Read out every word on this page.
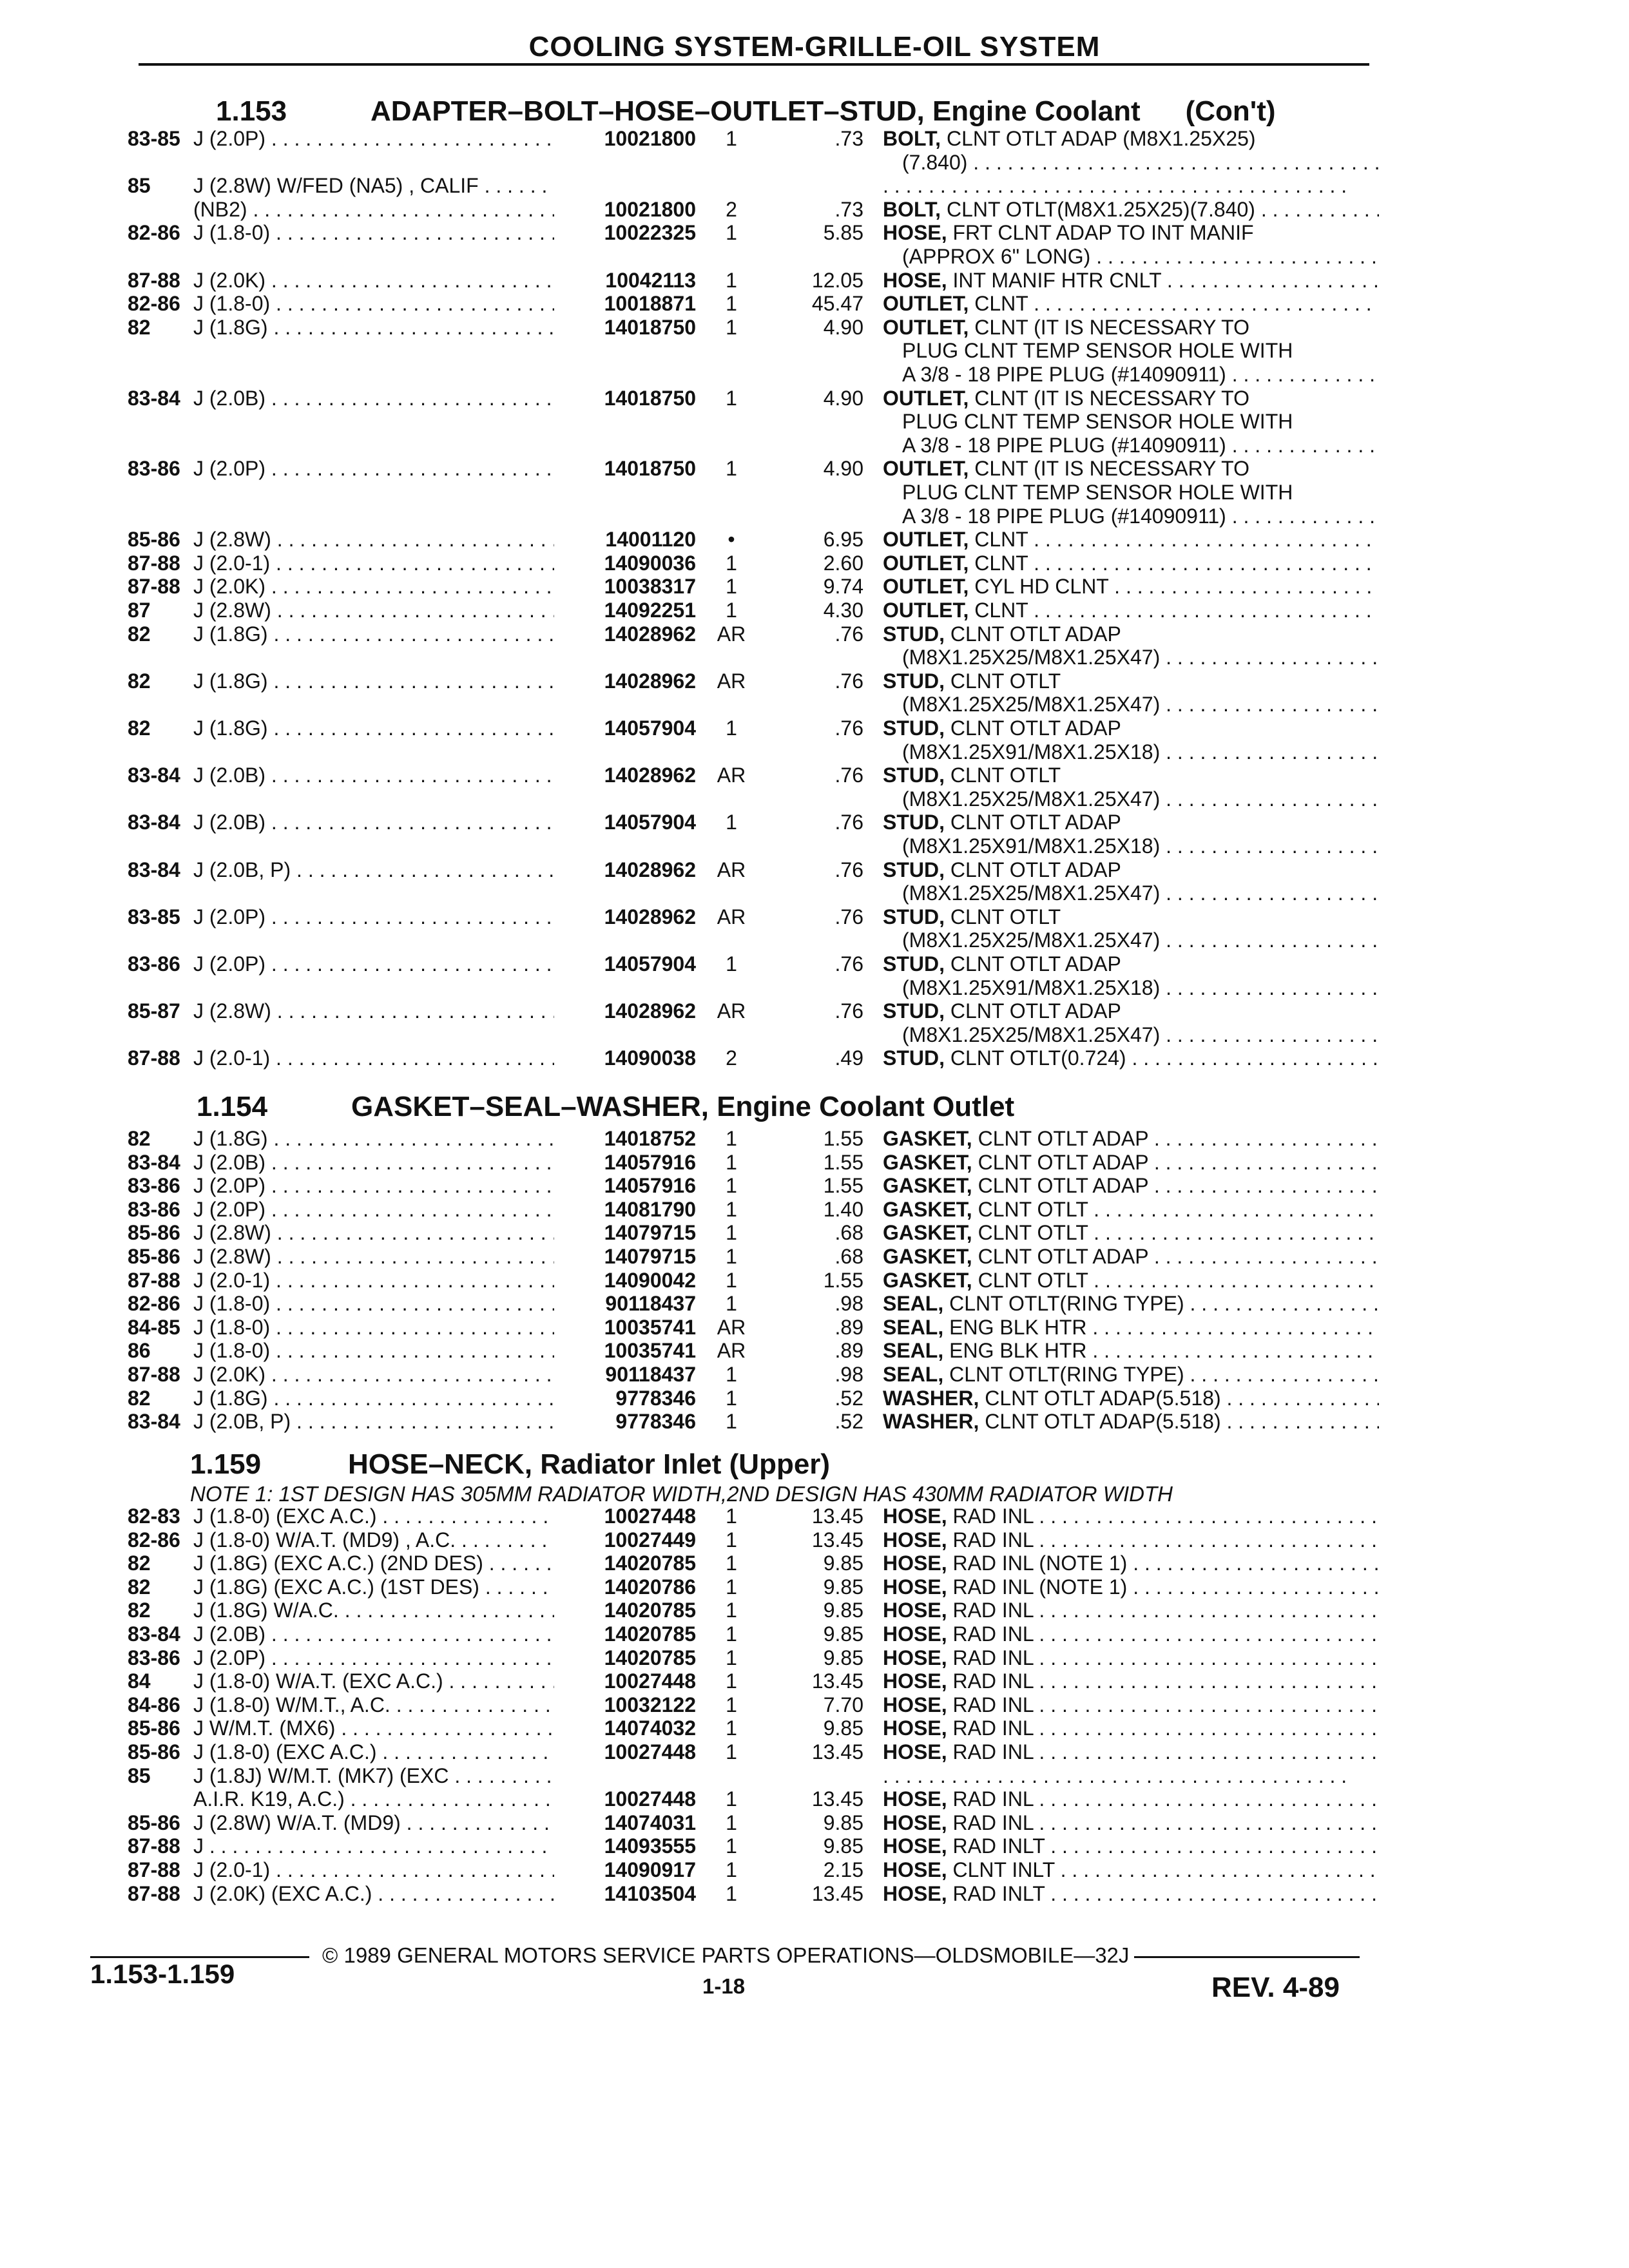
COOLING SYSTEM-GRILLE-OIL SYSTEM
1.153	ADAPTER–BOLT–HOSE–OUTLET–STUD, Engine Coolant (Con't)
83-85 J (2.0P) . . .	10021800	1	.73 BOLT, CLNT OTLT ADAP (M8X1.25X25)
(7.840) . . .
85 J (2.8W) W/FED (NA5) , CALIF . . .
. . .
(NB2) . . .	10021800	2	.73 BOLT, CLNT OTLT(M8X1.25X25)(7.840) . . .
82-86 J (1.8-0) . . .	10022325	1	5.85 HOSE, FRT CLNT ADAP TO INT MANIF
(APPROX 6" LONG) . . .
87-88 J (2.0K) . . .	10042113	1	12.05 HOSE, INT MANIF HTR CNLT . . .
82-86 J (1.8-0) . . .	10018871	1	45.47 OUTLET, CLNT . . .
82 J (1.8G) . . .	14018750	1	4.90 OUTLET, CLNT (IT IS NECESSARY TO
PLUG CLNT TEMP SENSOR HOLE WITH
A 3/8 - 18 PIPE PLUG (#14090911) . . .
83-84 J (2.0B) . . .	14018750	1	4.90 OUTLET, CLNT (IT IS NECESSARY TO
PLUG CLNT TEMP SENSOR HOLE WITH
A 3/8 - 18 PIPE PLUG (#14090911) . . .
83-86 J (2.0P) . . .	14018750	1	4.90 OUTLET, CLNT (IT IS NECESSARY TO
PLUG CLNT TEMP SENSOR HOLE WITH
A 3/8 - 18 PIPE PLUG (#14090911) . . .
85-86 J (2.8W) . . .	14001120	•	6.95 OUTLET, CLNT . . .
87-88 J (2.0-1) . . .	14090036	1	2.60 OUTLET, CLNT . . .
87-88 J (2.0K) . . .	10038317	1	9.74 OUTLET, CYL HD CLNT . . .
87 J (2.8W) . . .	14092251	1	4.30 OUTLET, CLNT . . .
82 J (1.8G) . . .	14028962	AR	.76 STUD, CLNT OTLT ADAP
(M8X1.25X25/M8X1.25X47) . . .
82 J (1.8G) . . .	14028962	AR	.76 STUD, CLNT OTLT
(M8X1.25X25/M8X1.25X47) . . .
82 J (1.8G) . . .	14057904	1	.76 STUD, CLNT OTLT ADAP
(M8X1.25X91/M8X1.25X18) . . .
83-84 J (2.0B) . . .	14028962	AR	.76 STUD, CLNT OTLT
(M8X1.25X25/M8X1.25X47) . . .
83-84 J (2.0B) . . .	14057904	1	.76 STUD, CLNT OTLT ADAP
(M8X1.25X91/M8X1.25X18) . . .
83-84 J (2.0B, P) . . .	14028962	AR	.76 STUD, CLNT OTLT ADAP
(M8X1.25X25/M8X1.25X47) . . .
83-85 J (2.0P) . . .	14028962	AR	.76 STUD, CLNT OTLT
(M8X1.25X25/M8X1.25X47) . . .
83-86 J (2.0P) . . .	14057904	1	.76 STUD, CLNT OTLT ADAP
(M8X1.25X91/M8X1.25X18) . . .
85-87 J (2.8W) . . .	14028962	AR	.76 STUD, CLNT OTLT ADAP
(M8X1.25X25/M8X1.25X47) . . .
87-88 J (2.0-1) . . .	14090038	2	.49 STUD, CLNT OTLT(0.724) . . .
1.154	GASKET–SEAL–WASHER, Engine Coolant Outlet
82 J (1.8G) . . .	14018752	1	1.55 GASKET, CLNT OTLT ADAP . . .
83-84 J (2.0B) . . .	14057916	1	1.55 GASKET, CLNT OTLT ADAP . . .
83-86 J (2.0P) . . .	14057916	1	1.55 GASKET, CLNT OTLT ADAP . . .
83-86 J (2.0P) . . .	14081790	1	1.40 GASKET, CLNT OTLT . . .
85-86 J (2.8W) . . .	14079715	1	.68 GASKET, CLNT OTLT . . .
85-86 J (2.8W) . . .	14079715	1	.68 GASKET, CLNT OTLT ADAP . . .
87-88 J (2.0-1) . . .	14090042	1	1.55 GASKET, CLNT OTLT . . .
82-86 J (1.8-0) . . .	90118437	1	.98 SEAL, CLNT OTLT(RING TYPE) . . .
84-85 J (1.8-0) . . .	10035741	AR	.89 SEAL, ENG BLK HTR . . .
86 J (1.8-0) . . .	10035741	AR	.89 SEAL, ENG BLK HTR . . .
87-88 J (2.0K) . . .	90118437	1	.98 SEAL, CLNT OTLT(RING TYPE) . . .
82 J (1.8G) . . .	9778346	1	.52 WASHER, CLNT OTLT ADAP(5.518) . . .
83-84 J (2.0B, P) . . .	9778346	1	.52 WASHER, CLNT OTLT ADAP(5.518) . . .
1.159	HOSE–NECK, Radiator Inlet (Upper)
NOTE 1: 1ST DESIGN HAS 305MM RADIATOR WIDTH,2ND DESIGN HAS 430MM RADIATOR WIDTH
82-83 J (1.8-0) (EXC A.C.) . . .	10027448	1	13.45 HOSE, RAD INL . . .
82-86 J (1.8-0) W/A.T. (MD9) , A.C. . . .	10027449	1	13.45 HOSE, RAD INL . . .
82 J (1.8G) (EXC A.C.) (2ND DES) . . .	14020785	1	9.85 HOSE, RAD INL (NOTE 1) . . .
82 J (1.8G) (EXC A.C.) (1ST DES) . . .	14020786	1	9.85 HOSE, RAD INL (NOTE 1) . . .
82 J (1.8G) W/A.C. . . .	14020785	1	9.85 HOSE, RAD INL . . .
83-84 J (2.0B) . . .	14020785	1	9.85 HOSE, RAD INL . . .
83-86 J (2.0P) . . .	14020785	1	9.85 HOSE, RAD INL . . .
84 J (1.8-0) W/A.T. (EXC A.C.) . . .	10027448	1	13.45 HOSE, RAD INL . . .
84-86 J (1.8-0) W/M.T., A.C. . . .	10032122	1	7.70 HOSE, RAD INL . . .
85-86 J W/M.T. (MX6) . . .	14074032	1	9.85 HOSE, RAD INL . . .
85-86 J (1.8-0) (EXC A.C.) . . .	10027448	1	13.45 HOSE, RAD INL . . .
85 J (1.8J) W/M.T. (MK7) (EXC . . .
. . .
A.I.R. K19, A.C.) . . .	10027448	1	13.45 HOSE, RAD INL . . .
85-86 J (2.8W) W/A.T. (MD9) . . .	14074031	1	9.85 HOSE, RAD INL . . .
87-88 J . . .	14093555	1	9.85 HOSE, RAD INLT . . .
87-88 J (2.0-1) . . .	14090917	1	2.15 HOSE, CLNT INLT . . .
87-88 J (2.0K) (EXC A.C.) . . .	14103504	1	13.45 HOSE, RAD INLT . . .
© 1989 GENERAL MOTORS SERVICE PARTS OPERATIONS—OLDSMOBILE—32J
1.153-1.159	1-18	REV. 4-89
